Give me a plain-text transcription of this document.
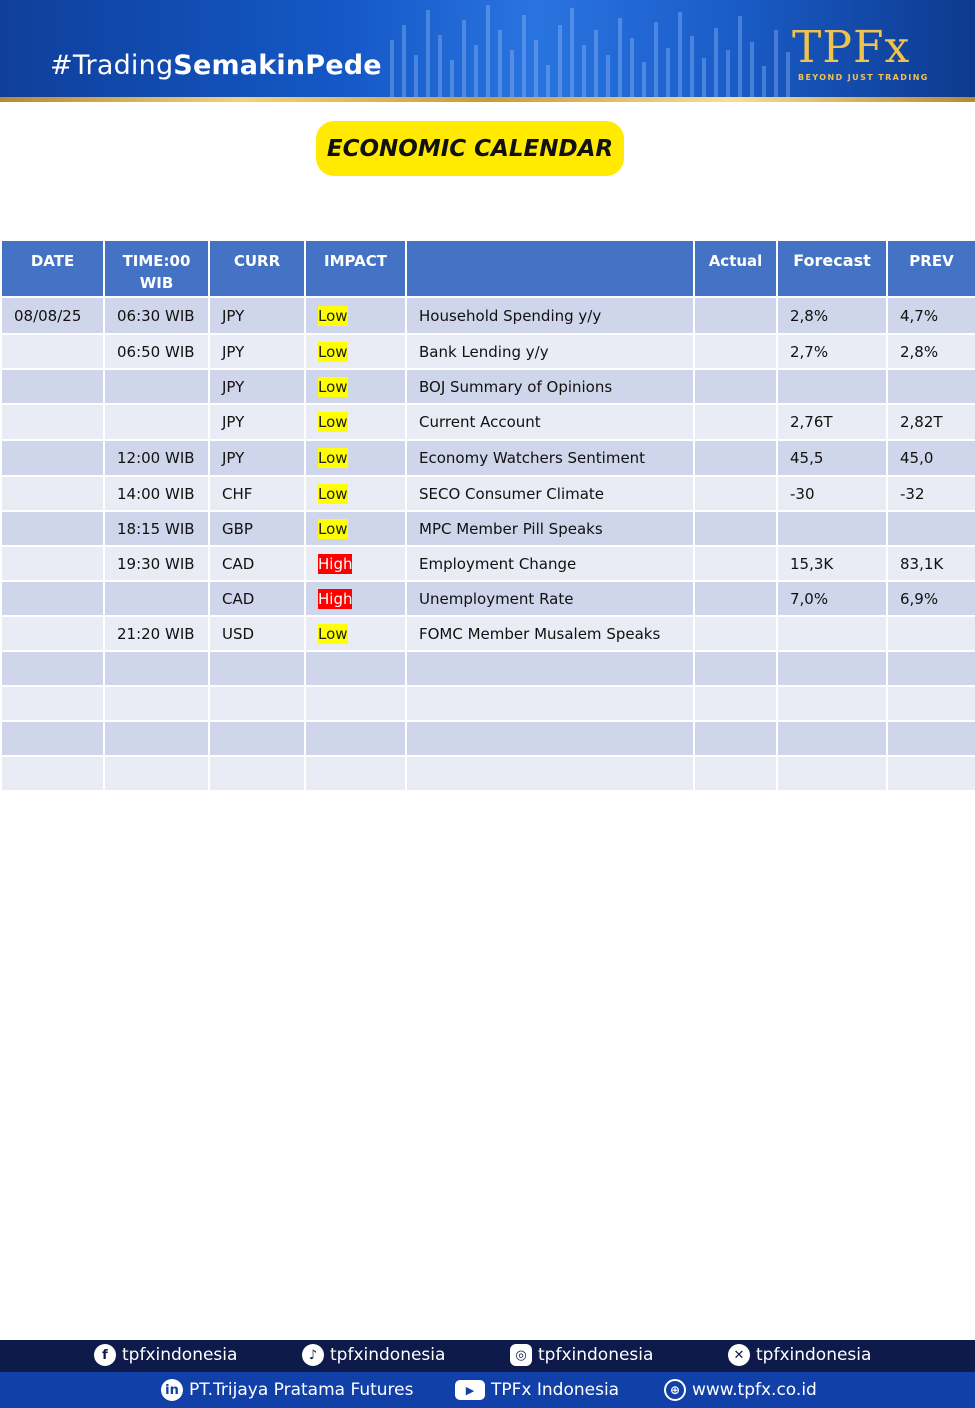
#TradingSemakinPede	TPFx
BEYOND JUST TRADING
ECONOMIC CALENDAR
DATE	TIME:00 WIB	CURR	IMPACT		Actual	Forecast	PREV
08/08/25	06:30 WIB	JPY	Low	Household Spending y/y		2,8%	4,7%
	06:50 WIB	JPY	Low	Bank Lending y/y		2,7%	2,8%
		JPY	Low	BOJ Summary of Opinions			
		JPY	Low	Current Account		2,76T	2,82T
	12:00 WIB	JPY	Low	Economy Watchers Sentiment		45,5	45,0
	14:00 WIB	CHF	Low	SECO Consumer Climate		-30	-32
	18:15 WIB	GBP	Low	MPC Member Pill Speaks			
	19:30 WIB	CAD	High	Employment Change		15,3K	83,1K
		CAD	High	Unemployment Rate		7,0%	6,9%
	21:20 WIB	USD	Low	FOMC Member Musalem Speaks			

f tpfxindonesia	♪ tpfxindonesia	◎ tpfxindonesia	✕ tpfxindonesia
in PT.Trijaya Pratama Futures	▶ TPFx Indonesia	⊕ www.tpfx.co.id
